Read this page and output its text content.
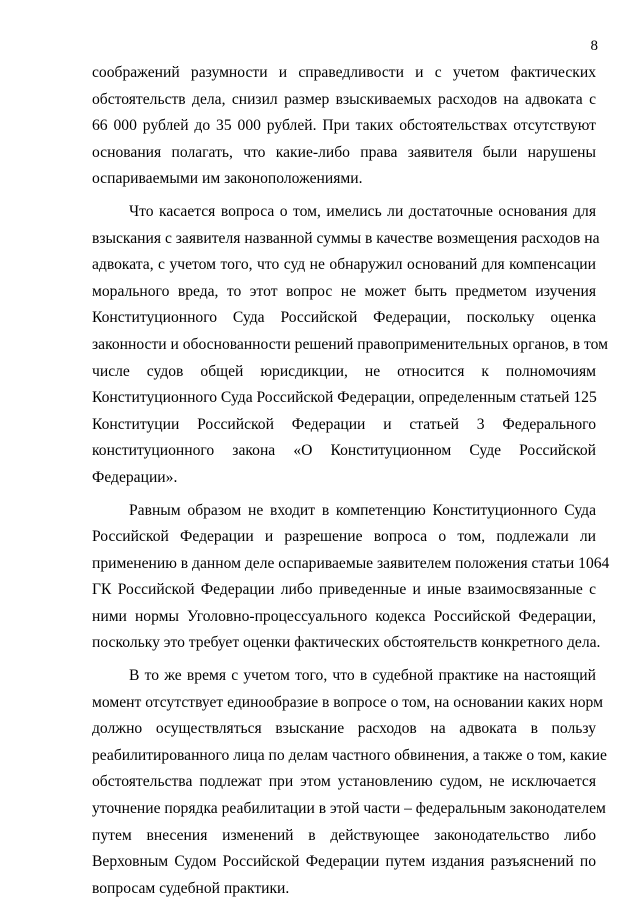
8
соображений разумности и справедливости и с учетом фактических
обстоятельств дела, снизил размер взыскиваемых расходов на адвоката с
66 000 рублей до 35 000 рублей. При таких обстоятельствах отсутствуют
основания полагать, что какие-либо права заявителя были нарушены
оспариваемыми им законоположениями.
Что касается вопроса о том, имелись ли достаточные основания для
взыскания с заявителя названной суммы в качестве возмещения расходов на
адвоката, с учетом того, что суд не обнаружил оснований для компенсации
морального вреда, то этот вопрос не может быть предметом изучения
Конституционного Суда Российской Федерации, поскольку оценка
законности и обоснованности решений правоприменительных органов, в том
числе судов общей юрисдикции, не относится к полномочиям
Конституционного Суда Российской Федерации, определенным статьей 125
Конституции Российской Федерации и статьей 3 Федерального
конституционного закона «О Конституционном Суде Российской
Федерации».
Равным образом не входит в компетенцию Конституционного Суда
Российской Федерации и разрешение вопроса о том, подлежали ли
применению в данном деле оспариваемые заявителем положения статьи 1064
ГК Российской Федерации либо приведенные и иные взаимосвязанные с
ними нормы Уголовно-процессуального кодекса Российской Федерации,
поскольку это требует оценки фактических обстоятельств конкретного дела.
В то же время с учетом того, что в судебной практике на настоящий
момент отсутствует единообразие в вопросе о том, на основании каких норм
должно осуществляться взыскание расходов на адвоката в пользу
реабилитированного лица по делам частного обвинения, а также о том, какие
обстоятельства подлежат при этом установлению судом, не исключается
уточнение порядка реабилитации в этой части – федеральным законодателем
путем внесения изменений в действующее законодательство либо
Верховным Судом Российской Федерации путем издания разъяснений по
вопросам судебной практики.
